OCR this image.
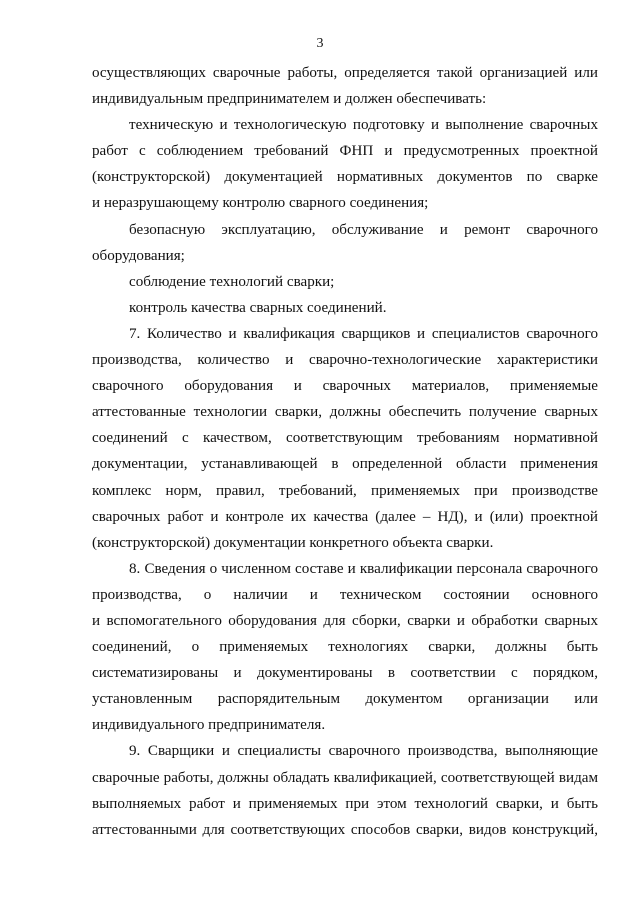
3
осуществляющих сварочные работы, определяется такой организацией или
индивидуальным предпринимателем и должен обеспечивать:
техническую и технологическую подготовку и выполнение сварочных
работ с соблюдением требований ФНП и предусмотренных проектной
(конструкторской) документацией нормативных документов по сварке
и неразрушающему контролю сварного соединения;
безопасную эксплуатацию, обслуживание и ремонт сварочного
оборудования;
соблюдение технологий сварки;
контроль качества сварных соединений.
7. Количество и квалификация сварщиков и специалистов сварочного
производства, количество и сварочно-технологические характеристики
сварочного оборудования и сварочных материалов, применяемые
аттестованные технологии сварки, должны обеспечить получение сварных
соединений с качеством, соответствующим требованиям нормативной
документации, устанавливающей в определенной области применения
комплекс норм, правил, требований, применяемых при производстве
сварочных работ и контроле их качества (далее – НД), и (или) проектной
(конструкторской) документации конкретного объекта сварки.
8. Сведения о численном составе и квалификации персонала сварочного
производства, о наличии и техническом состоянии основного
и вспомогательного оборудования для сборки, сварки и обработки сварных
соединений, о применяемых технологиях сварки, должны быть
систематизированы и документированы в соответствии с порядком,
установленным распорядительным документом организации или
индивидуального предпринимателя.
9. Сварщики и специалисты сварочного производства, выполняющие
сварочные работы, должны обладать квалификацией, соответствующей видам
выполняемых работ и применяемых при этом технологий сварки, и быть
аттестованными для соответствующих способов сварки, видов конструкций,
